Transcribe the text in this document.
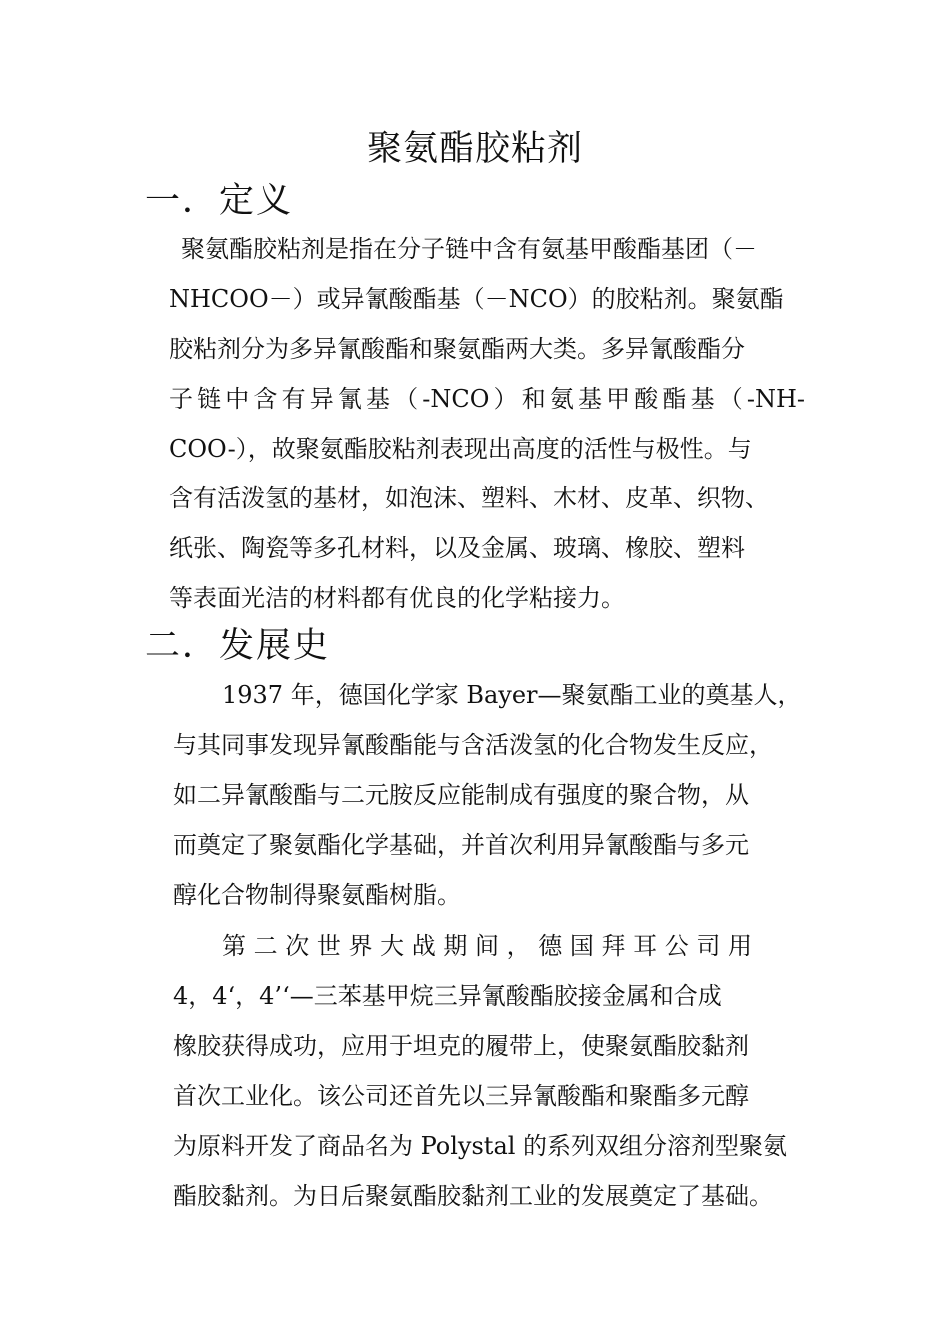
聚氨酯胶粘剂
一．定义

聚氨酯胶粘剂是指在分子链中含有氨基甲酸酯基团（－

NHCOO－）或异氰酸酯基（－NCO）的胶粘剂。聚氨酯

胶粘剂分为多异氰酸酯和聚氨酯两大类。多异氰酸酯分

子链中含有异氰基（-NCO）和氨基甲酸酯基（-NH-

COO-），故聚氨酯胶粘剂表现出高度的活性与极性。与

含有活泼氢的基材，如泡沫、塑料、木材、皮革、织物、

纸张、陶瓷等多孔材料，以及金属、玻璃、橡胶、塑料

等表面光洁的材料都有优良的化学粘接力。

二．发展史

1937 年，德国化学家 Bayer—聚氨酯工业的奠基人，

与其同事发现异氰酸酯能与含活泼氢的化合物发生反应，

如二异氰酸酯与二元胺反应能制成有强度的聚合物，从

而奠定了聚氨酯化学基础，并首次利用异氰酸酯与多元

醇化合物制得聚氨酯树脂。

第 二 次 世 界 大 战 期 间 ， 德 国 拜 耳 公 司 用

4，4‘，4’‘—三苯基甲烷三异氰酸酯胶接金属和合成

橡胶获得成功，应用于坦克的履带上，使聚氨酯胶黏剂

首次工业化。该公司还首先以三异氰酸酯和聚酯多元醇

为原料开发了商品名为 Polystal 的系列双组分溶剂型聚氨

酯胶黏剂。为日后聚氨酯胶黏剂工业的发展奠定了基础。
